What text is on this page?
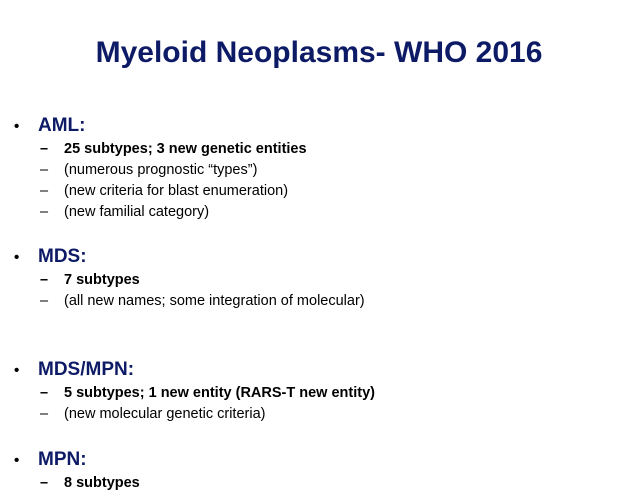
Myeloid Neoplasms- WHO 2016
• AML:
– 25 subtypes; 3 new genetic entities
– (numerous prognostic “types”)
– (new criteria for blast enumeration)
– (new familial category)
• MDS:
– 7 subtypes
– (all new names; some integration of molecular)
• MDS/MPN:
– 5 subtypes; 1 new entity (RARS-T new entity)
– (new molecular genetic criteria)
• MPN:
– 8 subtypes
